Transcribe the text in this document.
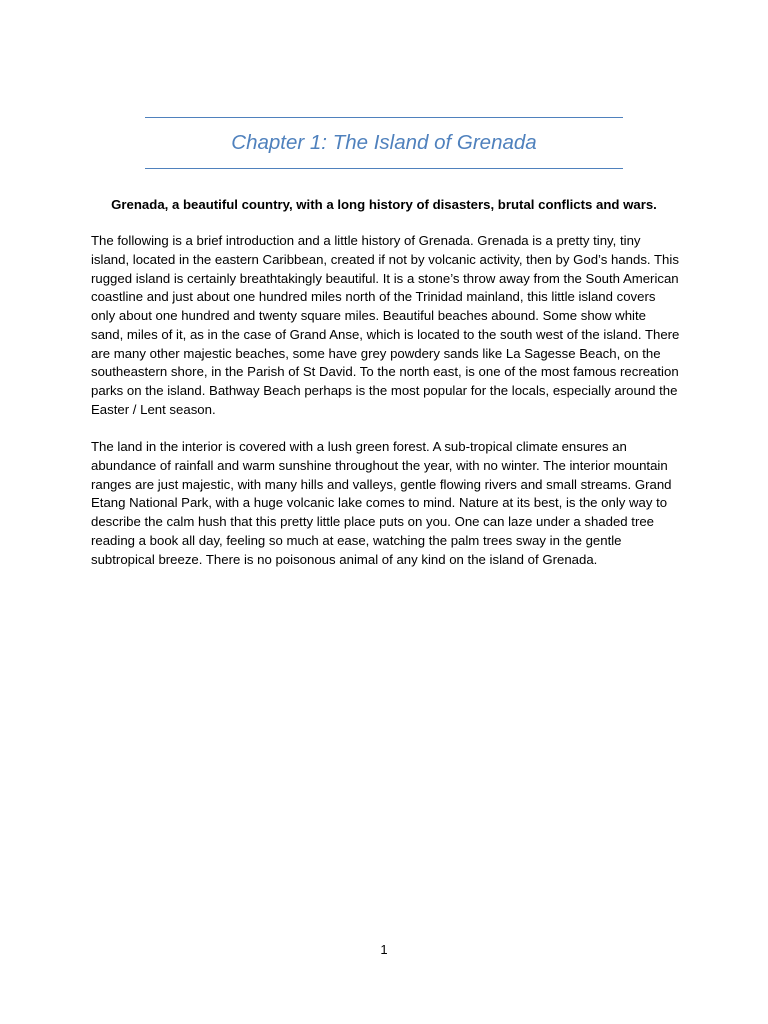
Chapter 1: The Island of Grenada

Grenada, a beautiful country, with a long history of disasters, brutal conflicts and wars.

The following is a brief introduction and a little history of Grenada. Grenada is a pretty tiny, tiny island, located in the eastern Caribbean, created if not by volcanic activity, then by God’s hands. This rugged island is certainly breathtakingly beautiful. It is a stone’s throw away from the South American coastline and just about one hundred miles north of the Trinidad mainland, this little island covers only about one hundred and twenty square miles. Beautiful beaches abound. Some show white sand, miles of it, as in the case of Grand Anse, which is located to the south west of the island. There are many other majestic beaches, some have grey powdery sands like La Sagesse Beach, on the southeastern shore, in the Parish of St David. To the north east, is one of the most famous recreation parks on the island. Bathway Beach perhaps is the most popular for the locals, especially around the Easter / Lent season.

The land in the interior is covered with a lush green forest. A sub-tropical climate ensures an abundance of rainfall and warm sunshine throughout the year, with no winter. The interior mountain ranges are just majestic, with many hills and valleys, gentle flowing rivers and small streams. Grand Etang National Park, with a huge volcanic lake comes to mind. Nature at its best, is the only way to describe the calm hush that this pretty little place puts on you. One can laze under a shaded tree reading a book all day, feeling so much at ease, watching the palm trees sway in the gentle subtropical breeze. There is no poisonous animal of any kind on the island of Grenada.

1
